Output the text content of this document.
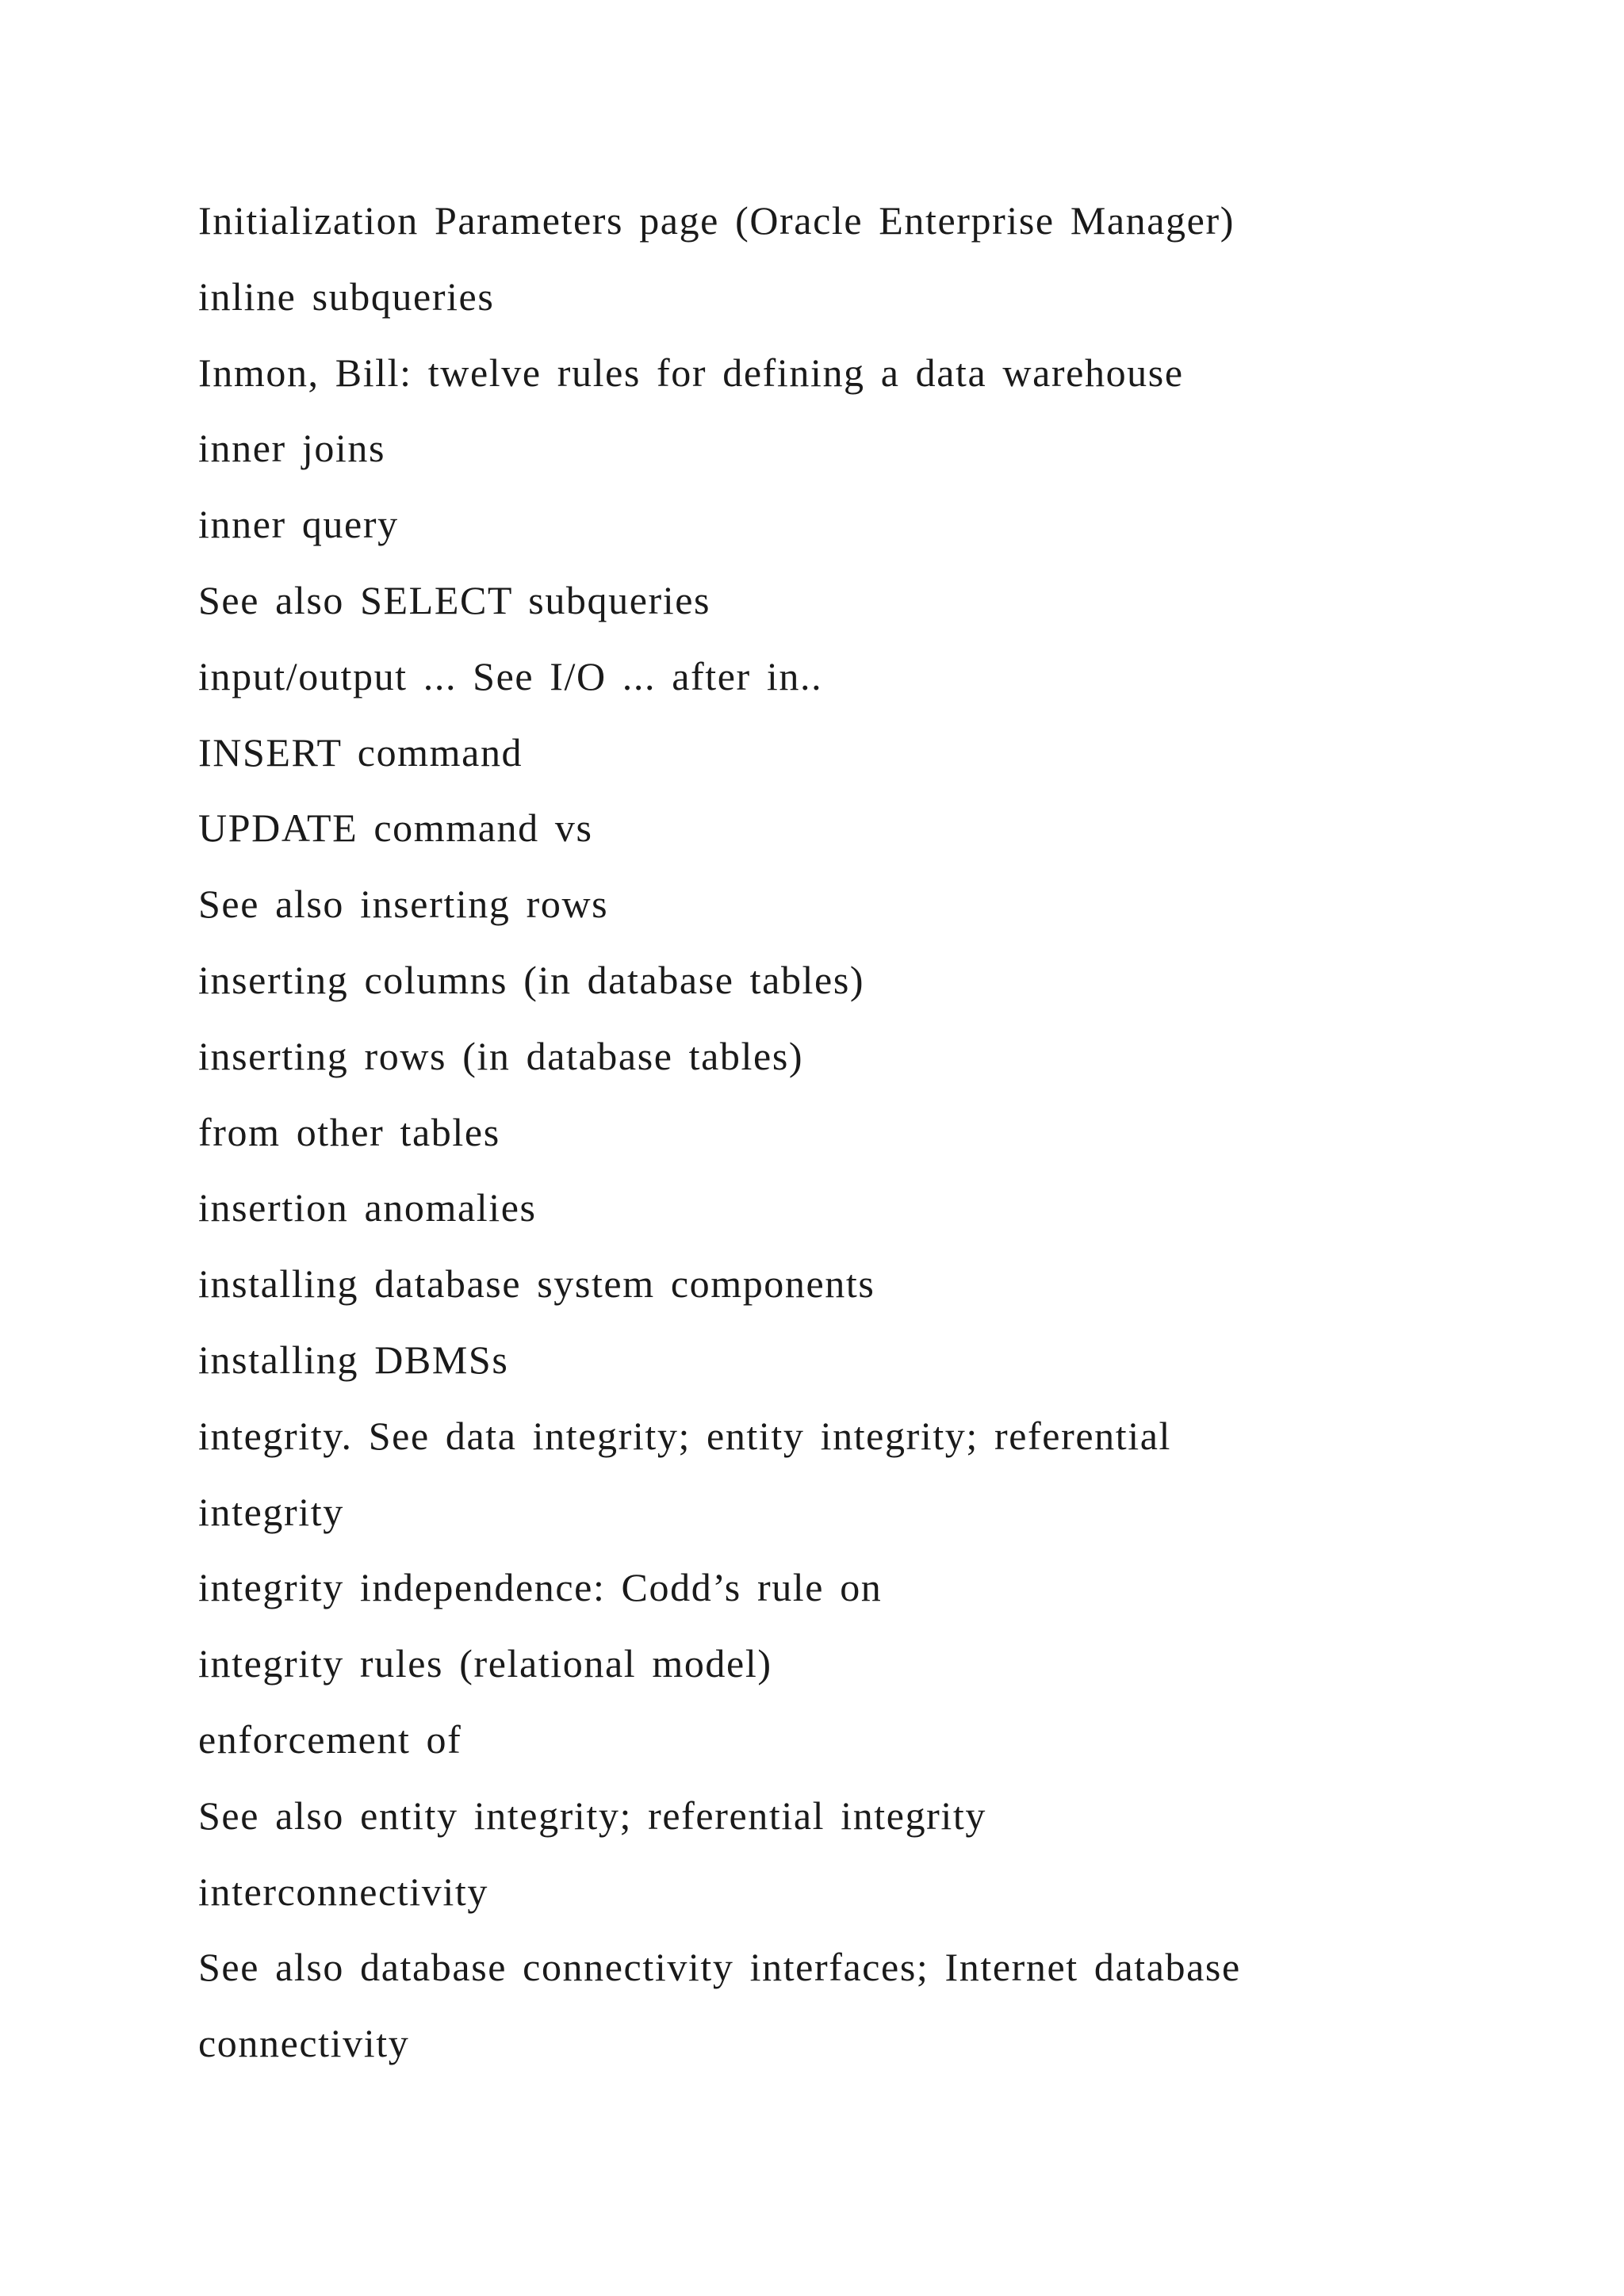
Initialization Parameters page (Oracle Enterprise Manager)
inline subqueries
Inmon, Bill: twelve rules for defining a data warehouse
inner joins
inner query
See also SELECT subqueries
input/output ... See I/O ... after in..
INSERT command
UPDATE command vs
See also inserting rows
inserting columns (in database tables)
inserting rows (in database tables)
from other tables
insertion anomalies
installing database system components
installing DBMSs
integrity. See data integrity; entity integrity; referential
integrity
integrity independence: Codd’s rule on
integrity rules (relational model)
enforcement of
See also entity integrity; referential integrity
interconnectivity
See also database connectivity interfaces; Internet database
connectivity
